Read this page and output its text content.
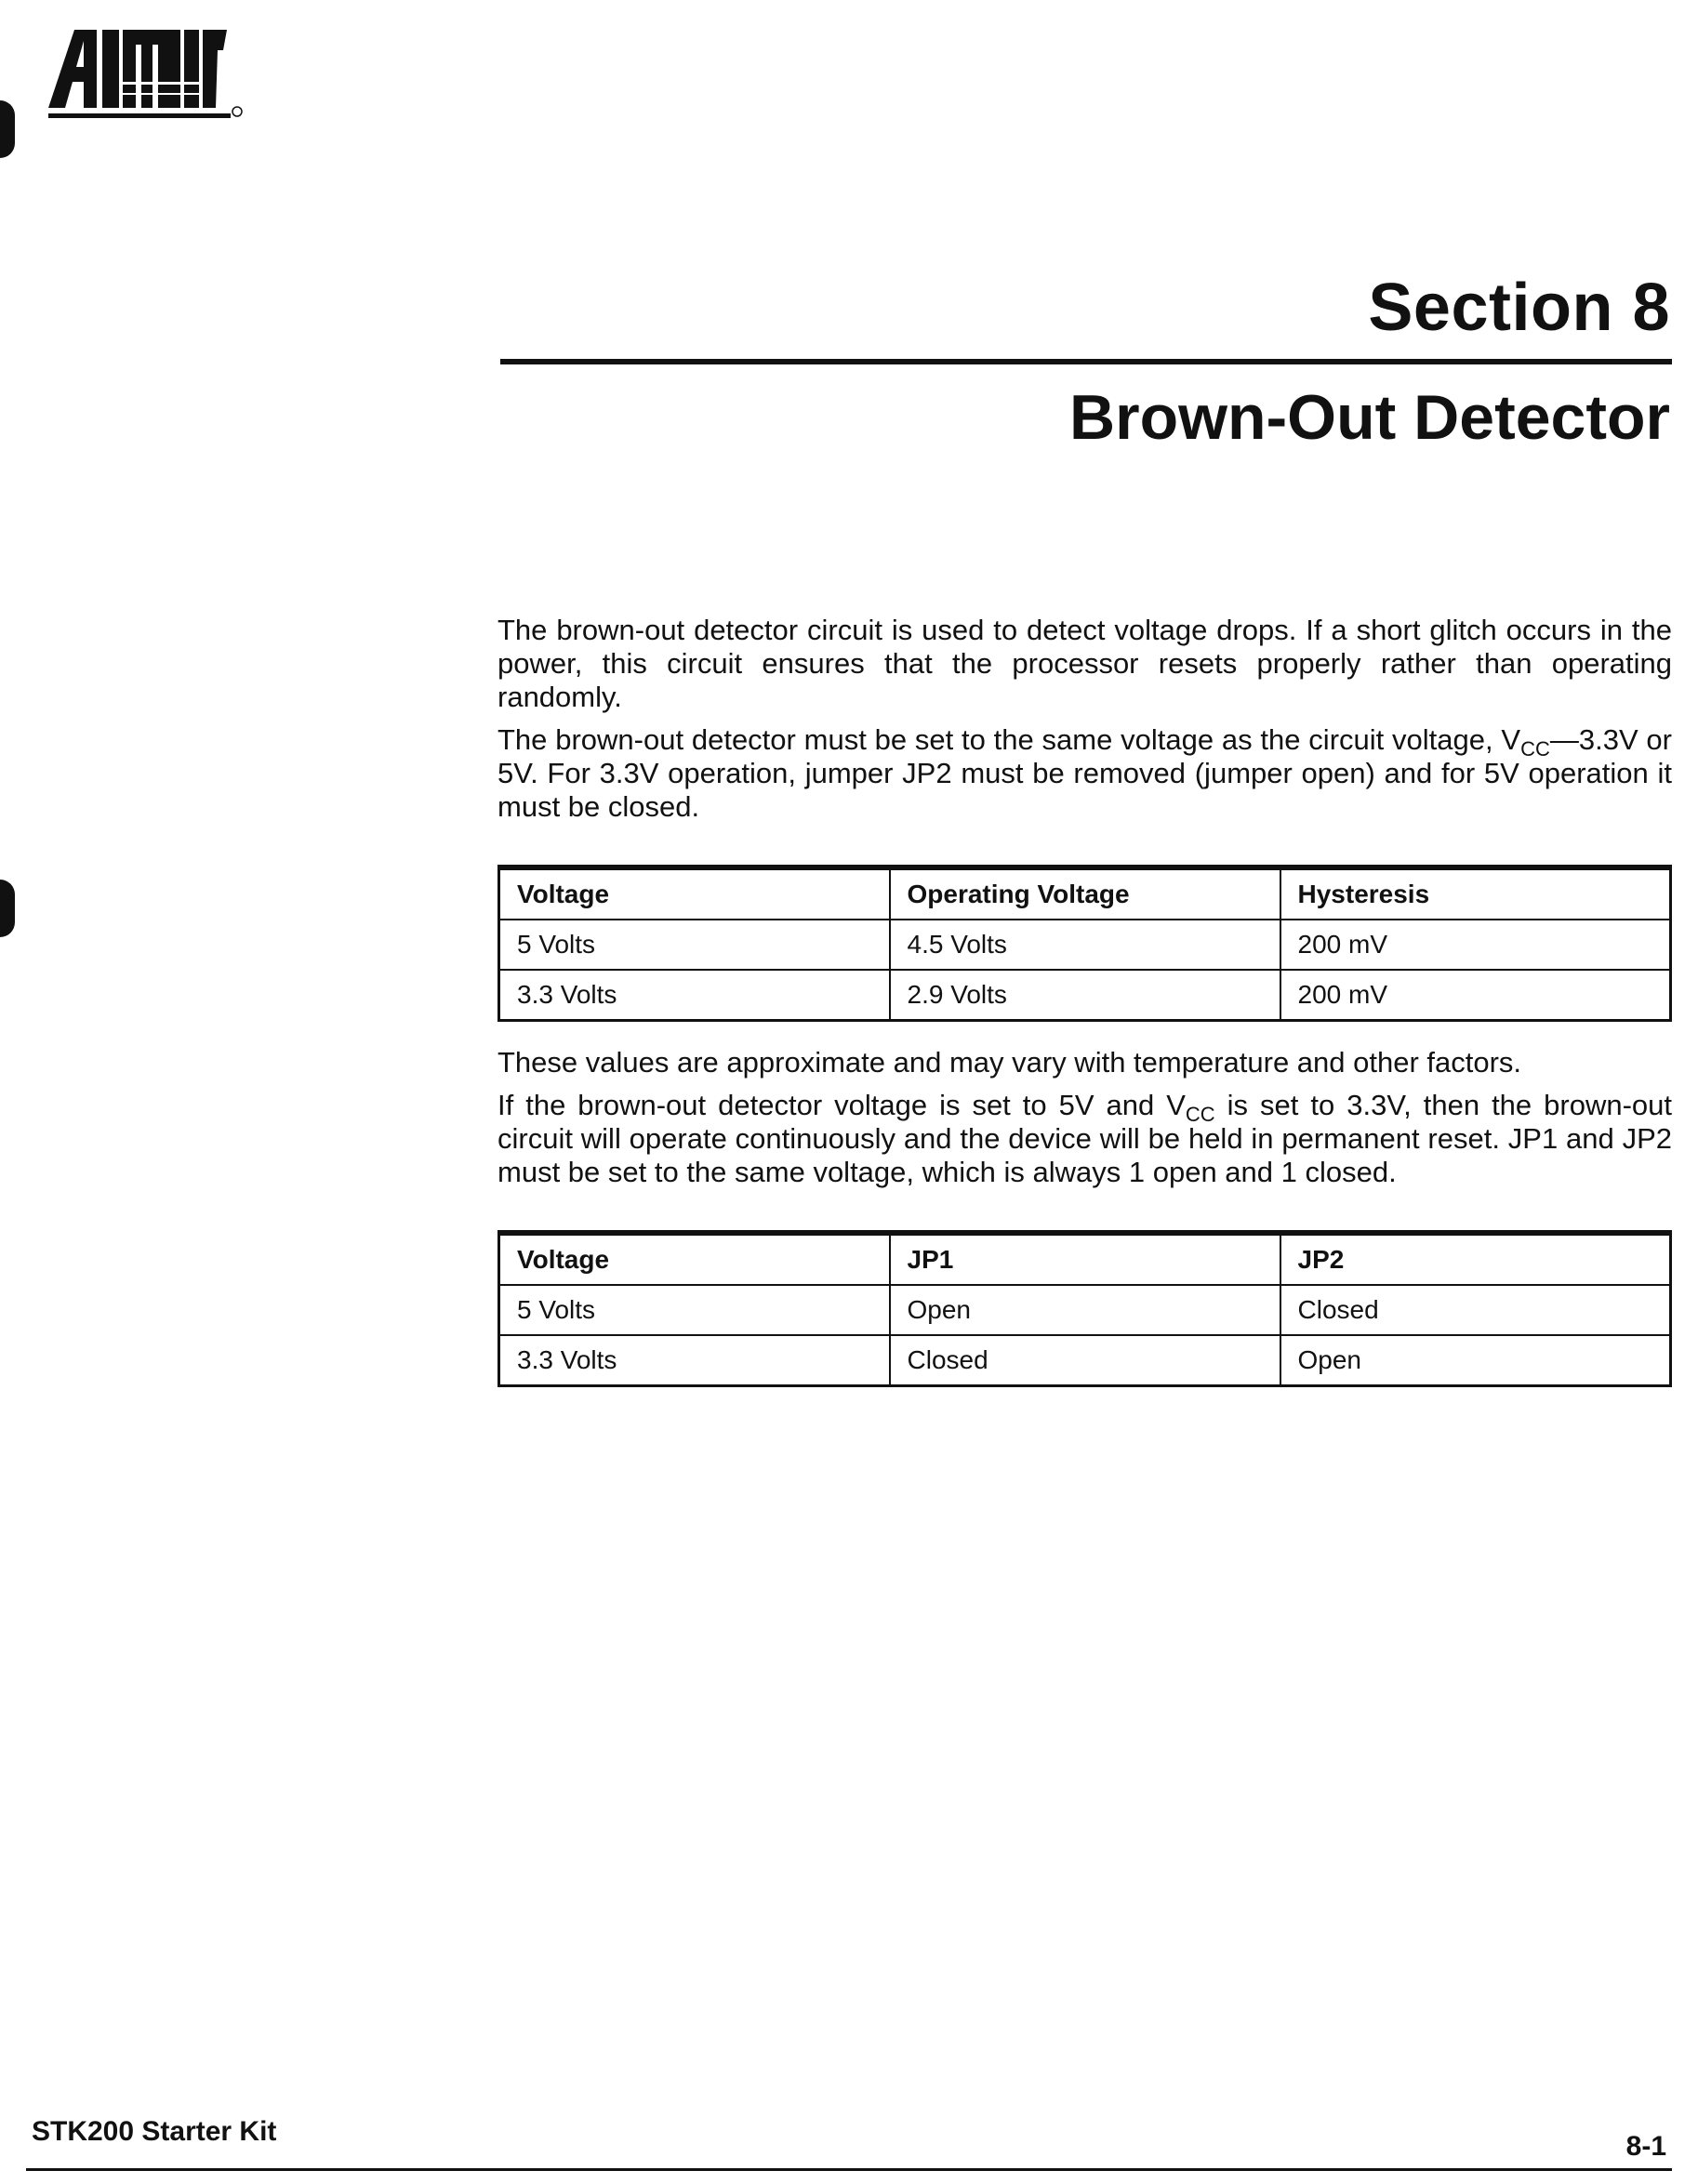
Section 8
Brown-Out Detector

The brown-out detector circuit is used to detect voltage drops. If a short glitch occurs in the power, this circuit ensures that the processor resets properly rather than operating randomly.

The brown-out detector must be set to the same voltage as the circuit voltage, $V_{CC}—3.3V$ or 5V. For 3.3V operation, jumper JP2 must be removed (jumper open) and for 5V operation it must be closed.

Voltage	Operating Voltage	Hysteresis
5 Volts	4.5 Volts	200 mV
3.3 Volts	2.9 Volts	200 mV

These values are approximate and may vary with temperature and other factors.

If the brown-out detector voltage is set to 5V and $V_{CC}$ is set to 3.3V, then the brown-out circuit will operate continuously and the device will be held in permanent reset. JP1 and JP2 must be set to the same voltage, which is always 1 open and 1 closed.

Voltage	JP1	JP2
5 Volts	Open	Closed
3.3 Volts	Closed	Open

STK200 Starter Kit	8-1
